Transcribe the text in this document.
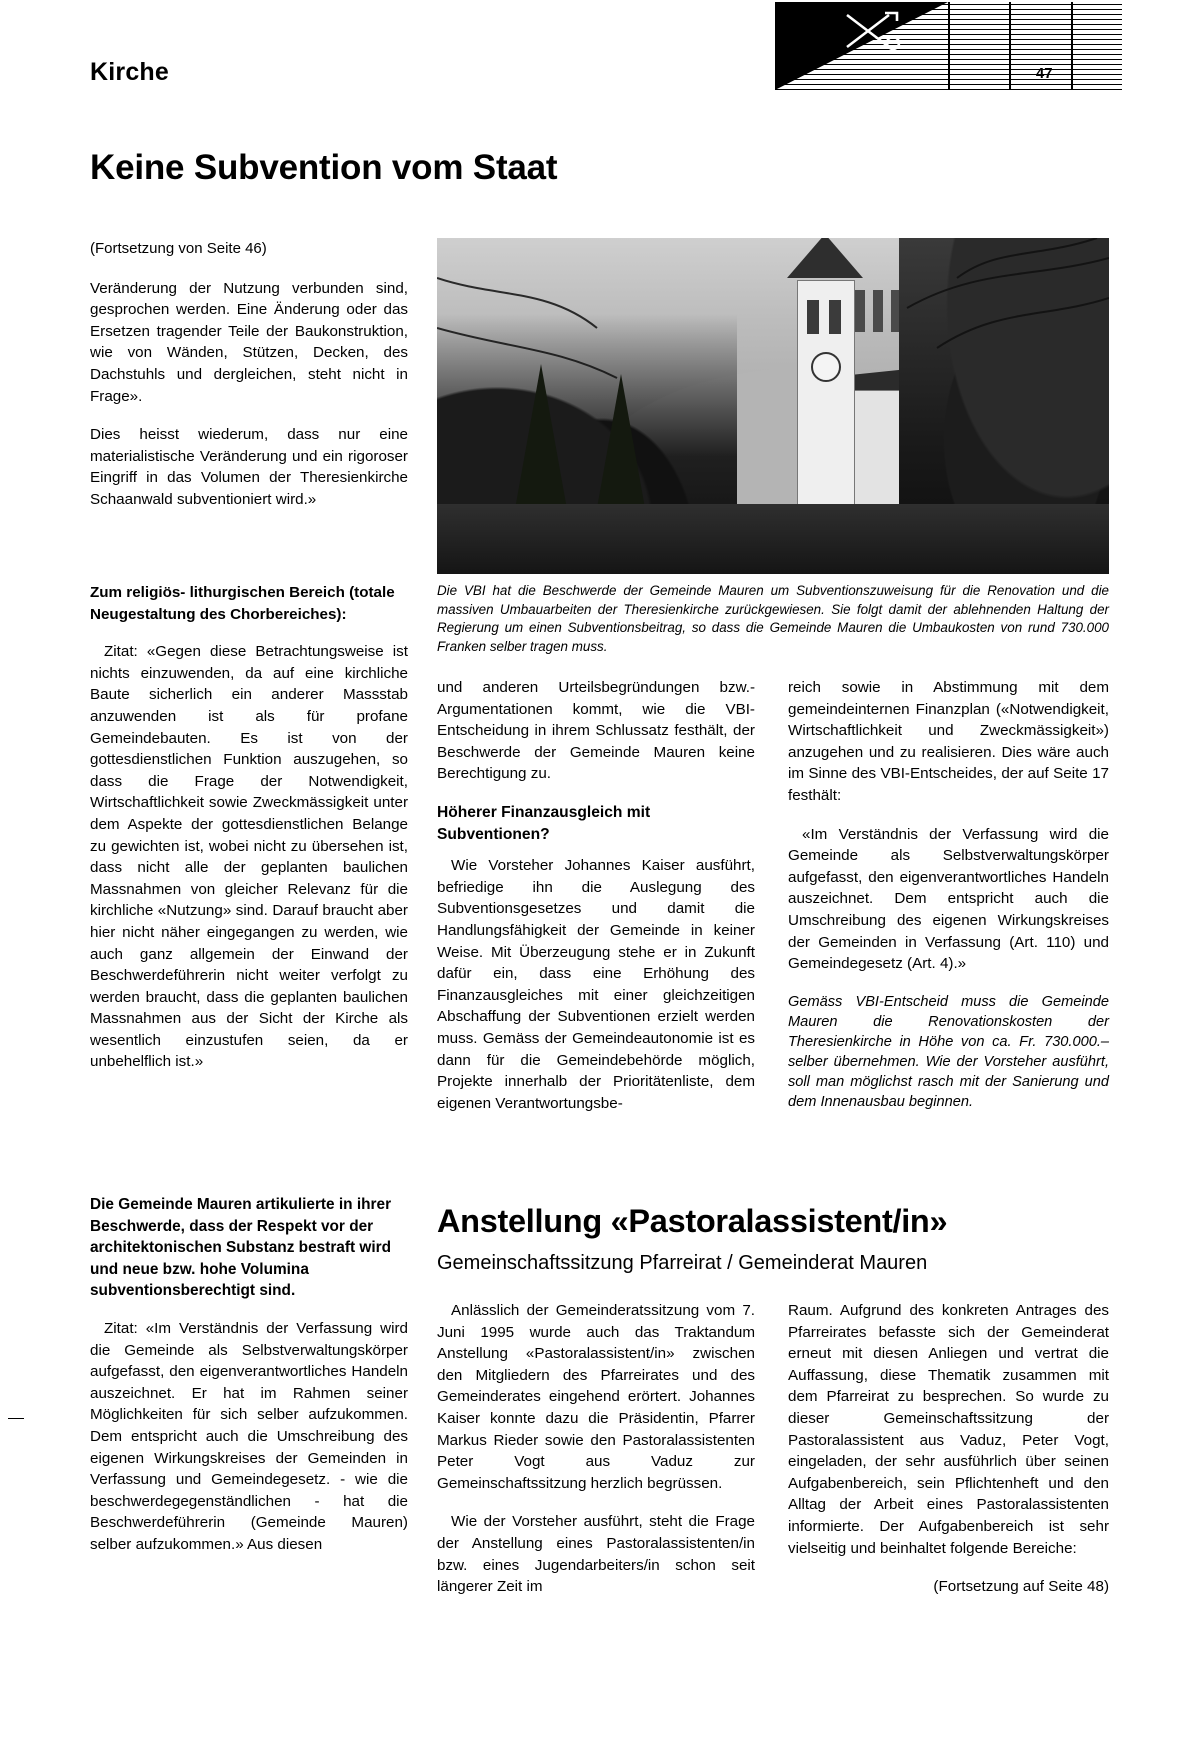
Kirche	47
Keine Subvention vom Staat
(Fortsetzung von Seite 46)

Veränderung der Nutzung verbunden sind, gesprochen werden. Eine Änderung oder das Ersetzen tragender Teile der Baukonstruktion, wie von Wänden, Stützen, Decken, des Dachstuhls und dergleichen, steht nicht in Frage».

Dies heisst wiederum, dass nur eine materialistische Veränderung und ein rigoroser Eingriff in das Volumen der Theresienkirche Schaanwald subventioniert wird.»

Die VBI hat die Beschwerde der Gemeinde Mauren um Subventionszuweisung für die Renovation und die massiven Umbauarbeiten der Theresienkirche zurückgewiesen. Sie folgt damit der ablehnenden Haltung der Regierung um einen Subventionsbeitrag, so dass die Gemeinde Mauren die Umbaukosten von rund 730.000 Franken selber tragen muss.
Zum religiös- lithurgischen Bereich (totale Neugestaltung des Chorbereiches):

Zitat: «Gegen diese Betrachtungsweise ist nichts einzuwenden, da auf eine kirchliche Baute sicherlich ein anderer Massstab anzuwenden ist als für profane Gemeindebauten. Es ist von der gottesdienstlichen Funktion auszugehen, so dass die Frage der Notwendigkeit, Wirtschaftlichkeit sowie Zweckmässigkeit unter dem Aspekte der gottesdienstlichen Belange zu gewichten ist, wobei nicht zu übersehen ist, dass nicht alle der geplanten baulichen Massnahmen von gleicher Relevanz für die kirchliche «Nutzung» sind. Darauf braucht aber hier nicht näher eingegangen zu werden, wie auch ganz allgemein der Einwand der Beschwerdeführerin nicht weiter verfolgt zu werden braucht, dass die geplanten baulichen Massnahmen aus der Sicht der Kirche als wesentlich einzustufen seien, da er unbehelflich ist.»

und anderen Urteilsbegründungen bzw.- Argumentationen kommt, wie die VBI-Entscheidung in ihrem Schlussatz festhält, der Beschwerde der Gemeinde Mauren keine Berechtigung zu.

Höherer Finanzausgleich mit Subventionen?

Wie Vorsteher Johannes Kaiser ausführt, befriedige ihn die Auslegung des Subventionsgesetzes und damit die Handlungsfähigkeit der Gemeinde in keiner Weise. Mit Überzeugung stehe er in Zukunft dafür ein, dass eine Erhöhung des Finanzausgleiches mit einer gleichzeitigen Abschaffung der Subventionen erzielt werden muss. Gemäss der Gemeindeautonomie ist es dann für die Gemeindebehörde möglich, Projekte innerhalb der Prioritätenliste, dem eigenen Verantwortungsbe-

reich sowie in Abstimmung mit dem gemeindeinternen Finanzplan («Notwendigkeit, Wirtschaftlichkeit und Zweckmässigkeit») anzugehen und zu realisieren. Dies wäre auch im Sinne des VBI-Entscheides, der auf Seite 17 festhält:

«Im Verständnis der Verfassung wird die Gemeinde als Selbstverwaltungskörper aufgefasst, den eigenverantwortliches Handeln auszeichnet. Dem entspricht auch die Umschreibung des eigenen Wirkungskreises der Gemeinden in Verfassung (Art. 110) und Gemeindegesetz (Art. 4).»

Gemäss VBI-Entscheid muss die Gemeinde Mauren die Renovationskosten der Theresienkirche in Höhe von ca. Fr. 730.000.– selber übernehmen. Wie der Vorsteher ausführt, soll man möglichst rasch mit der Sanierung und dem Innenausbau beginnen.
Die Gemeinde Mauren artikulierte in ihrer Beschwerde, dass der Respekt vor der architektonischen Substanz bestraft wird und neue bzw. hohe Volumina subventionsberechtigt sind.

Zitat: «Im Verständnis der Verfassung wird die Gemeinde als Selbstverwaltungskörper aufgefasst, den eigenverantwortliches Handeln auszeichnet. Er hat im Rahmen seiner Möglichkeiten für sich selber aufzukommen. Dem entspricht auch die Umschreibung des eigenen Wirkungskreises der Gemeinden in Verfassung und Gemeindegesetz. - wie die beschwerdegegenständlichen - hat die Beschwerdeführerin (Gemeinde Mauren) selber aufzukommen.» Aus diesen

Anstellung «Pastoralassistent/in»
Gemeinschaftssitzung Pfarreirat / Gemeinderat Mauren

Anlässlich der Gemeinderatssitzung vom 7. Juni 1995 wurde auch das Traktandum Anstellung «Pastoralassistent/in» zwischen den Mitgliedern des Pfarreirates und des Gemeinderates eingehend erörtert. Johannes Kaiser konnte dazu die Präsidentin, Pfarrer Markus Rieder sowie den Pastoralassistenten Peter Vogt aus Vaduz zur Gemeinschaftssitzung herzlich begrüssen.

Wie der Vorsteher ausführt, steht die Frage der Anstellung eines Pastoralassistenten/in bzw. eines Jugendarbeiters/in schon seit längerer Zeit im

Raum. Aufgrund des konkreten Antrages des Pfarreirates befasste sich der Gemeinderat erneut mit diesen Anliegen und vertrat die Auffassung, diese Thematik zusammen mit dem Pfarreirat zu besprechen. So wurde zu dieser Gemeinschaftssitzung der Pastoralassistent aus Vaduz, Peter Vogt, eingeladen, der sehr ausführlich über seinen Aufgabenbereich, sein Pflichtenheft und den Alltag der Arbeit eines Pastoralassistenten informierte. Der Aufgabenbereich ist sehr vielseitig und beinhaltet folgende Bereiche:

(Fortsetzung auf Seite 48)
